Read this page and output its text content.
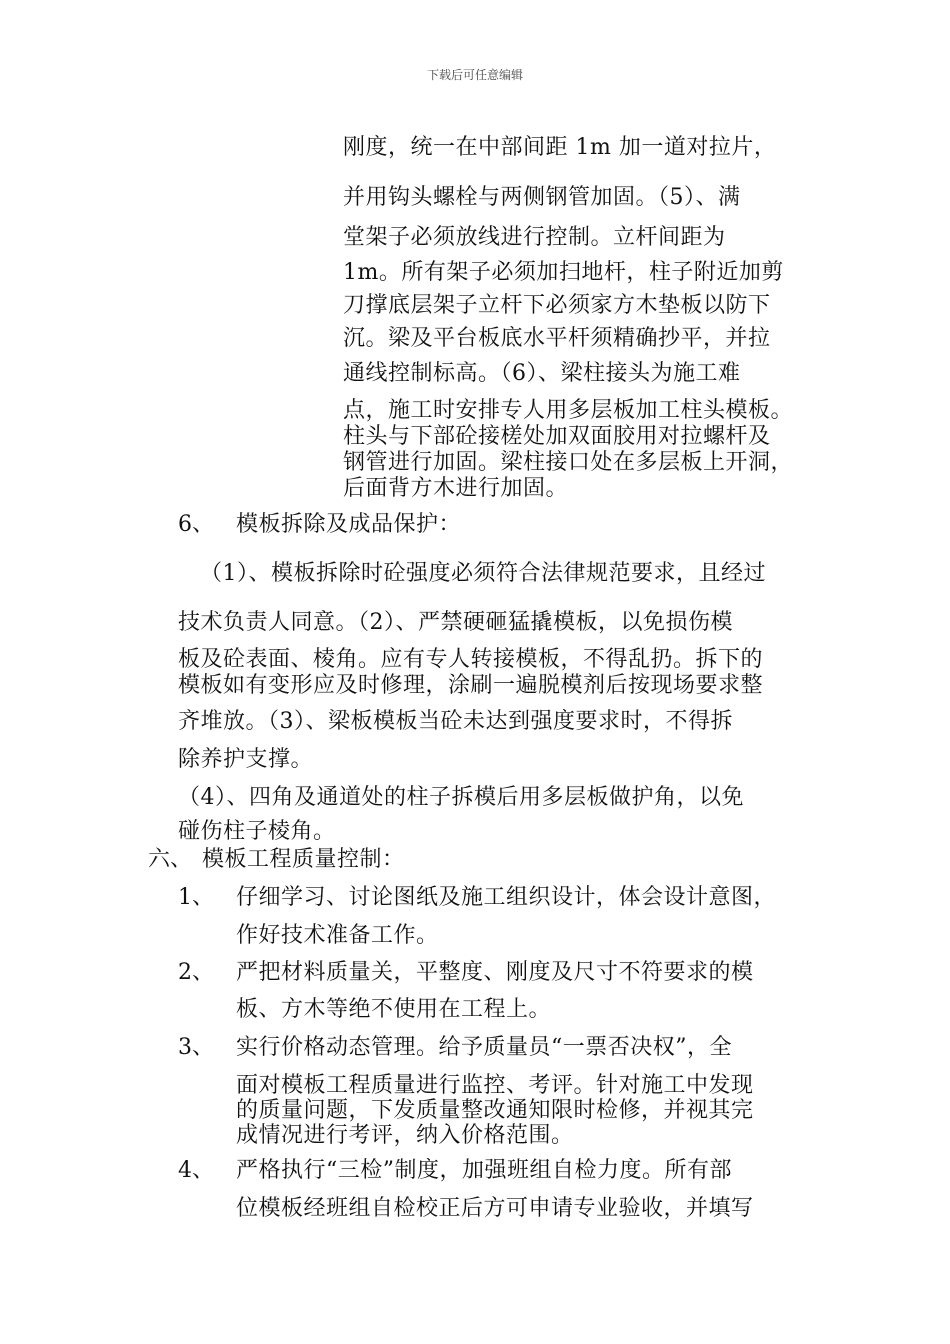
下载后可任意编辑
刚度，统一在中部间距 1m 加一道对拉片，
并用钩头螺栓与两侧钢管加固。（5）、满
堂架子必须放线进行控制。立杆间距为
1m。所有架子必须加扫地杆，柱子附近加剪
刀撑底层架子立杆下必须家方木垫板以防下
沉。梁及平台板底水平杆须精确抄平，并拉
通线控制标高。（6）、梁柱接头为施工难
点，施工时安排专人用多层板加工柱头模板。
柱头与下部砼接槎处加双面胶用对拉螺杆及
钢管进行加固。梁柱接口处在多层板上开洞，
后面背方木进行加固。
6、 模板拆除及成品保护：
（1）、模板拆除时砼强度必须符合法律规范要求，且经过
技术负责人同意。（2）、严禁硬砸猛撬模板，以免损伤模
板及砼表面、棱角。应有专人转接模板，不得乱扔。拆下的
模板如有变形应及时修理，涂刷一遍脱模剂后按现场要求整
齐堆放。（3）、梁板模板当砼未达到强度要求时，不得拆
除养护支撑。
（4）、四角及通道处的柱子拆模后用多层板做护角，以免
碰伤柱子棱角。
六、 模板工程质量控制：
1、 仔细学习、讨论图纸及施工组织设计，体会设计意图，
作好技术准备工作。
2、 严把材料质量关，平整度、刚度及尺寸不符要求的模
板、方木等绝不使用在工程上。
3、 实行价格动态管理。给予质量员“一票否决权”，全
面对模板工程质量进行监控、考评。针对施工中发现
的质量问题，下发质量整改通知限时检修，并视其完
成情况进行考评，纳入价格范围。
4、 严格执行“三检”制度，加强班组自检力度。所有部
位模板经班组自检校正后方可申请专业验收，并填写
